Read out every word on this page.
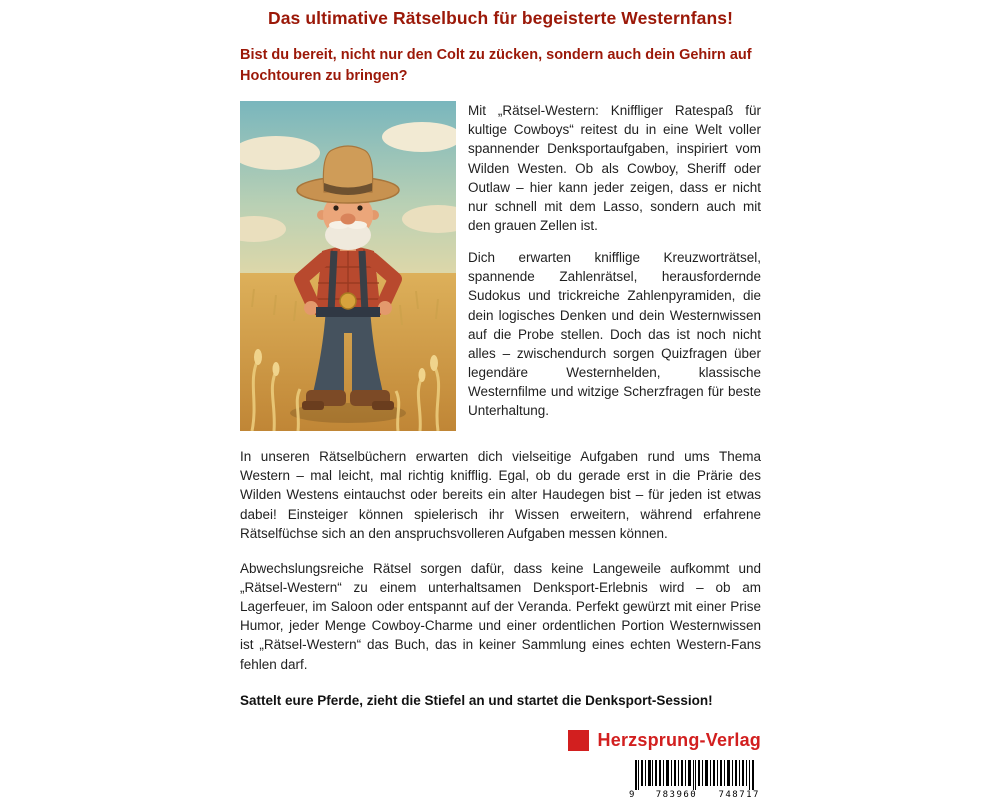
Das ultimative Rätselbuch für begeisterte Westernfans!

Bist du bereit, nicht nur den Colt zu zücken, sondern auch dein Gehirn auf Hochtouren zu bringen?

Mit „Rätsel-Western: Kniffliger Ratespaß für kultige Cowboys“ reitest du in eine Welt voller spannender Denksportaufgaben, inspiriert vom Wilden Westen. Ob als Cowboy, Sheriff oder Outlaw – hier kann jeder zeigen, dass er nicht nur schnell mit dem Lasso, sondern auch mit den grauen Zellen ist.

Dich erwarten knifflige Kreuzworträtsel, spannende Zahlenrätsel, herausfordernde Sudokus und trickreiche Zahlenpyramiden, die dein logisches Denken und dein Westernwissen auf die Probe stellen. Doch das ist noch nicht alles – zwischendurch sorgen Quizfragen über legendäre Westernhelden, klassische Westernfilme und witzige Scherzfragen für beste Unterhaltung.

In unseren Rätselbüchern erwarten dich vielseitige Aufgaben rund ums Thema Western – mal leicht, mal richtig knifflig. Egal, ob du gerade erst in die Prärie des Wilden Westens eintauchst oder bereits ein alter Haudegen bist – für jeden ist etwas dabei! Einsteiger können spielerisch ihr Wissen erweitern, während erfahrene Rätselfüchse sich an den anspruchsvolleren Aufgaben messen können.

Abwechslungsreiche Rätsel sorgen dafür, dass keine Langeweile aufkommt und „Rätsel-Western“ zu einem unterhaltsamen Denksport-Erlebnis wird – ob am Lagerfeuer, im Saloon oder entspannt auf der Veranda. Perfekt gewürzt mit einer Prise Humor, jeder Menge Cowboy-Charme und einer ordentlichen Portion Westernwissen ist „Rätsel-Western“ das Buch, das in keiner Sammlung eines echten Western-Fans fehlen darf.

Sattelt eure Pferde, zieht die Stiefel an und startet die Denksport-Session!

Herzsprung-Verlag
9 783960 748717
